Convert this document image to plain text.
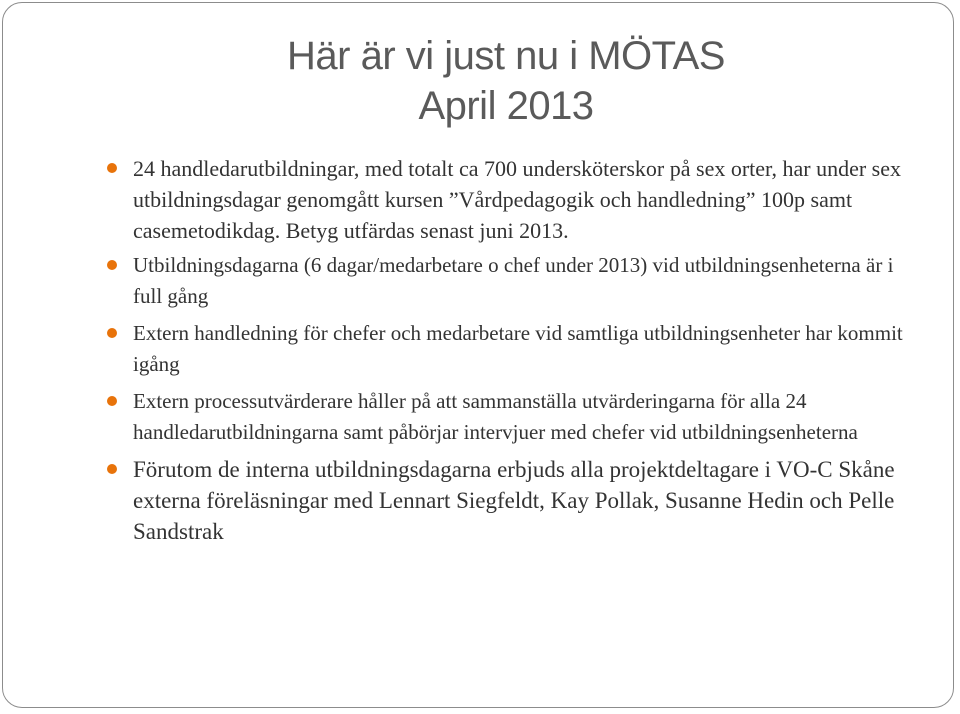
Här är vi just nu i MÖTAS
April 2013
24 handledarutbildningar, med totalt ca 700 undersköterskor på sex orter, har under sex utbildningsdagar genomgått kursen ”Vårdpedagogik och handledning” 100p samt casemetodikdag. Betyg utfärdas senast juni 2013.
Utbildningsdagarna (6 dagar/medarbetare o chef under 2013) vid utbildningsenheterna är i full gång
Extern handledning för chefer och medarbetare vid samtliga utbildningsenheter har kommit igång
Extern processutvärderare håller på att sammanställa utvärderingarna för alla 24 handledarutbildningarna samt påbörjar intervjuer med chefer vid utbildningsenheterna
Förutom de interna utbildningsdagarna erbjuds alla projektdeltagare i VO-C Skåne externa föreläsningar med Lennart Siegfeldt, Kay Pollak, Susanne Hedin och Pelle Sandstrak
